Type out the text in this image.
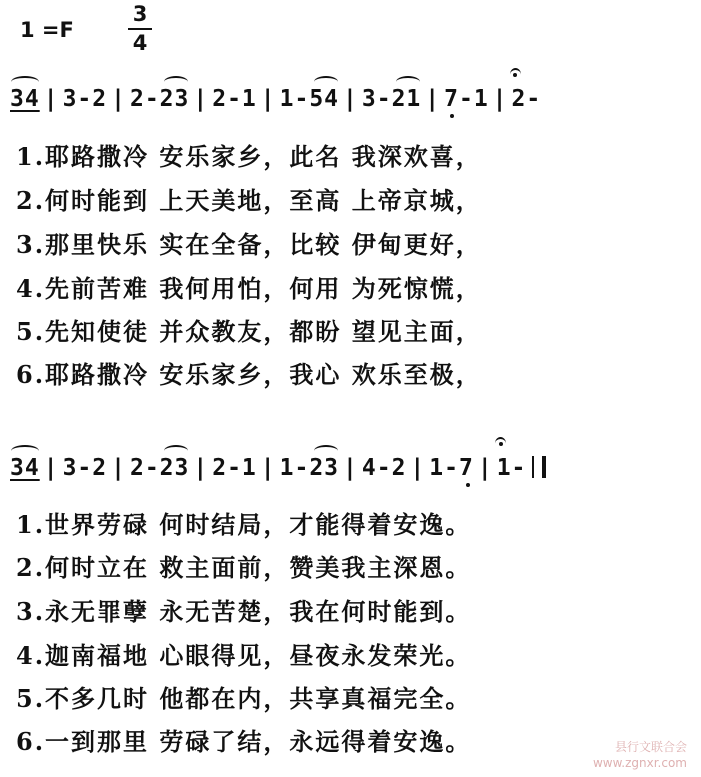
1 =F	$\frac{3}{4}$
34 | 3-2 | 2-23 | 2-1 | 1-54 | 3-21 | 7-1 | 2-
1.耶路撒冷 安乐家乡，此名 我深欢喜，
2.何时能到 上天美地，至高 上帝京城，
3.那里快乐 实在全备，比较 伊甸更好，
4.先前苦难 我何用怕，何用 为死惊慌，
5.先知使徒 并众教友，都盼 望见主面，
6.耶路撒冷 安乐家乡，我心 欢乐至极，
34 | 3-2 | 2-23 | 2-1 | 1-23 | 4-2 | 1-7 | 1-
1.世界劳碌 何时结局，才能得着安逸。
2.何时立在 救主面前，赞美我主深恩。
3.永无罪孽 永无苦楚，我在何时能到。
4.迦南福地 心眼得见，昼夜永发荣光。
5.不多几时 他都在内，共享真福完全。
6.一到那里 劳碌了结，永远得着安逸。	县行文联合会
www.zgnxr.com
